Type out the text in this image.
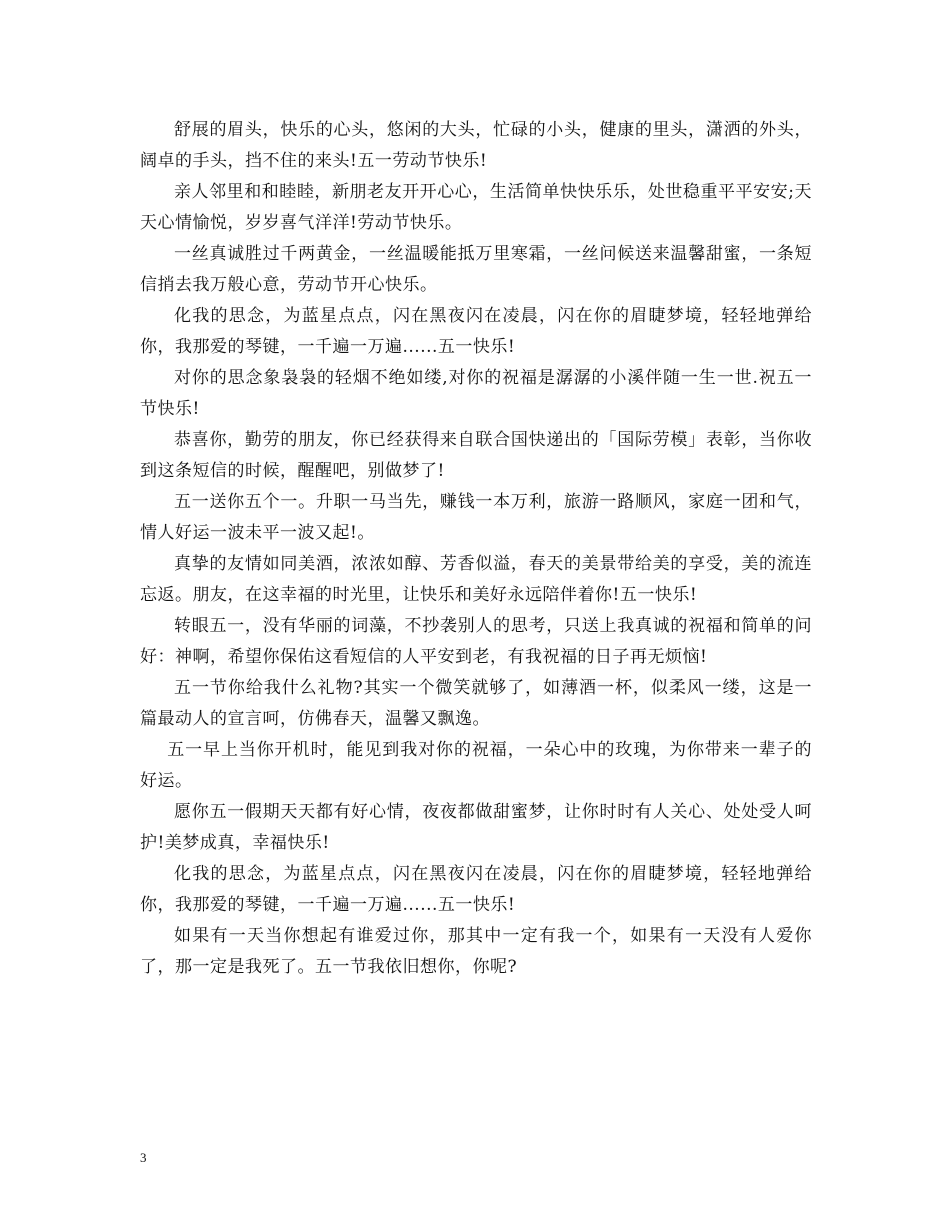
舒展的眉头，快乐的心头，悠闲的大头，忙碌的小头，健康的里头，潇洒的外头，阔卓的手头，挡不住的来头!五一劳动节快乐!

亲人邻里和和睦睦，新朋老友开开心心，生活简单快快乐乐，处世稳重平平安安;天天心情愉悦，岁岁喜气洋洋!劳动节快乐。

一丝真诚胜过千两黄金，一丝温暖能抵万里寒霜，一丝问候送来温馨甜蜜，一条短信捎去我万般心意，劳动节开心快乐。

化我的思念，为蓝星点点，闪在黑夜闪在凌晨，闪在你的眉睫梦境，轻轻地弹给你，我那爱的琴键，一千遍一万遍......五一快乐!

对你的思念象袅袅的轻烟不绝如缕,对你的祝福是潺潺的小溪伴随一生一世.祝五一节快乐!

恭喜你，勤劳的朋友，你已经获得来自联合国快递出的「国际劳模」表彰，当你收到这条短信的时候，醒醒吧，别做梦了!

五一送你五个一。升职一马当先，赚钱一本万利，旅游一路顺风，家庭一团和气，情人好运一波未平一波又起!。

真挚的友情如同美酒，浓浓如醇、芳香似溢，春天的美景带给美的享受，美的流连忘返。朋友，在这幸福的时光里，让快乐和美好永远陪伴着你!五一快乐!

转眼五一，没有华丽的词藻，不抄袭别人的思考，只送上我真诚的祝福和简单的问好：神啊，希望你保佑这看短信的人平安到老，有我祝福的日子再无烦恼!

五一节你给我什么礼物?其实一个微笑就够了，如薄酒一杯，似柔风一缕，这是一篇最动人的宣言呵，仿佛春天，温馨又飘逸。

五一早上当你开机时，能见到我对你的祝福，一朵心中的玫瑰，为你带来一辈子的好运。

愿你五一假期天天都有好心情，夜夜都做甜蜜梦，让你时时有人关心、处处受人呵护!美梦成真，幸福快乐!

化我的思念，为蓝星点点，闪在黑夜闪在凌晨，闪在你的眉睫梦境，轻轻地弹给你，我那爱的琴键，一千遍一万遍......五一快乐!

如果有一天当你想起有谁爱过你，那其中一定有我一个，如果有一天没有人爱你了，那一定是我死了。五一节我依旧想你，你呢?

3
